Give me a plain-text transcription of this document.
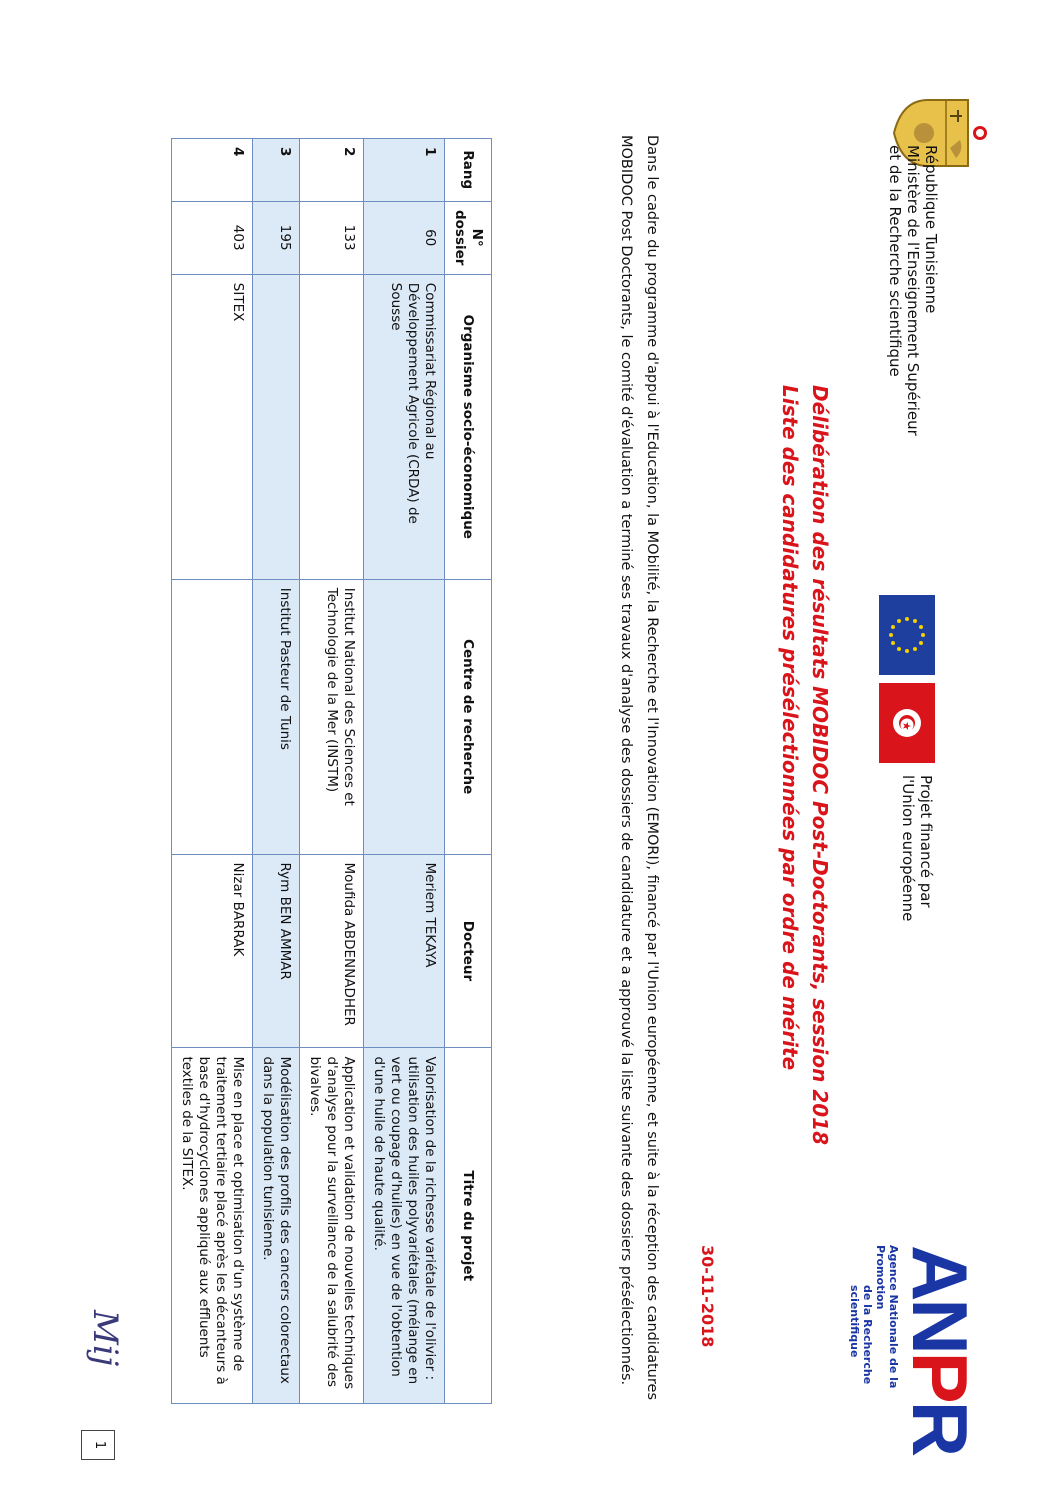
République Tunisienne
Ministère de l'Enseignement Supérieur
et de la Recherche scientifique
Projet financé par
l'Union européenne
ANPR
Agence Nationale de la Promotion
de la Recherche scientifique
Délibération des résultats MOBIDOC Post-Doctorants, session 2018
Liste des candidatures présélectionnées par ordre de mérite
30-11-2018
Dans le cadre du programme d'appui à l'Education, la MObilité, la Recherche et l'Innovation (EMORI), financé par l'Union européenne, et suite à la réception des candidatures MOBIDOC Post Doctorants, le comité d'évaluation a terminé ses travaux d'analyse des dossiers de candidature et a approuvé la liste suivante des dossiers présélectionnés.
Rang	N° dossier	Organisme socio-économique	Centre de recherche	Docteur	Titre du projet
1	60	Commissariat Régional au Développement Agricole (CRDA) de Sousse		Meriem TEKAYA	Valorisation de la richesse variétale de l'olivier : utilisation des huiles polyvariétales (mélange en vert ou coupage d'huiles) en vue de l'obtention d'une huile de haute qualité.
2	133		Institut National des Sciences et Technologie de la Mer (INSTM)	Moufida ABDENNADHER	Application et validation de nouvelles techniques d'analyse pour la surveillance de la salubrité des bivalves.
3	195		Institut Pasteur de Tunis	Rym BEN AMMAR	Modélisation des profils des cancers colorectaux dans la population tunisienne.
4	403	SITEX		Nizar BARRAK	Mise en place et optimisation d'un système de traitement tertiaire placé après les décanteurs à base d'hydrocyclones appliqué aux effluents textiles de la SITEX.
Mij
1
